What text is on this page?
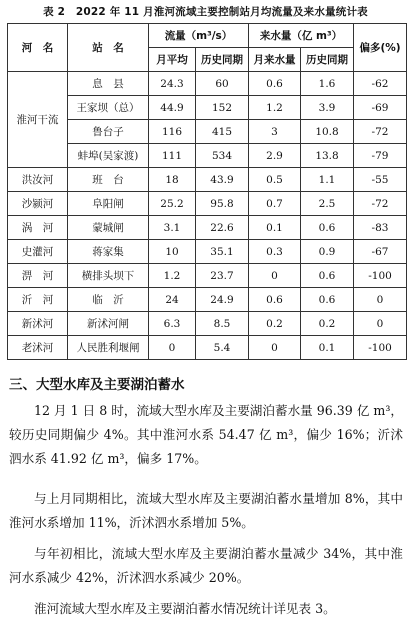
表 2　2022 年 11 月淮河流域主要控制站月均流量及来水量统计表
河　名	站　名	流量（m³/s）		来水量（亿 m³）		偏多(%)
		月平均	历史同期	月来水量	历史同期	
淮河干流	息　县	24.3	60	0.6	1.6	-62
	王家坝（总）	44.9	152	1.2	3.9	-69
	鲁台子	116	415	3	10.8	-72
	蚌埠(吴家渡)	111	534	2.9	13.8	-79
洪汝河	班　台	18	43.9	0.5	1.1	-55
沙颍河	阜阳闸	25.2	95.8	0.7	2.5	-72
涡　河	蒙城闸	3.1	22.6	0.1	0.6	-83
史灌河	蒋家集	10	35.1	0.3	0.9	-67
淠　河	横排头坝下	1.2	23.7	0	0.6	-100
沂　河	临　沂	24	24.9	0.6	0.6	0
新沭河	新沭河闸	6.3	8.5	0.2	0.2	0
老沭河	人民胜利堰闸	0	5.4	0	0.1	-100
三、大型水库及主要湖泊蓄水

12 月 1 日 8 时，流域大型水库及主要湖泊蓄水量 96.39 亿 m³，较历史同期偏少 4%。其中淮河水系 54.47 亿 m³，偏少 16%；沂沭泗水系 41.92 亿 m³，偏多 17%。

与上月同期相比，流域大型水库及主要湖泊蓄水量增加 8%，其中淮河水系增加 11%，沂沭泗水系增加 5%。

与年初相比，流域大型水库及主要湖泊蓄水量减少 34%，其中淮河水系减少 42%，沂沭泗水系减少 20%。

淮河流域大型水库及主要湖泊蓄水情况统计详见表 3。
